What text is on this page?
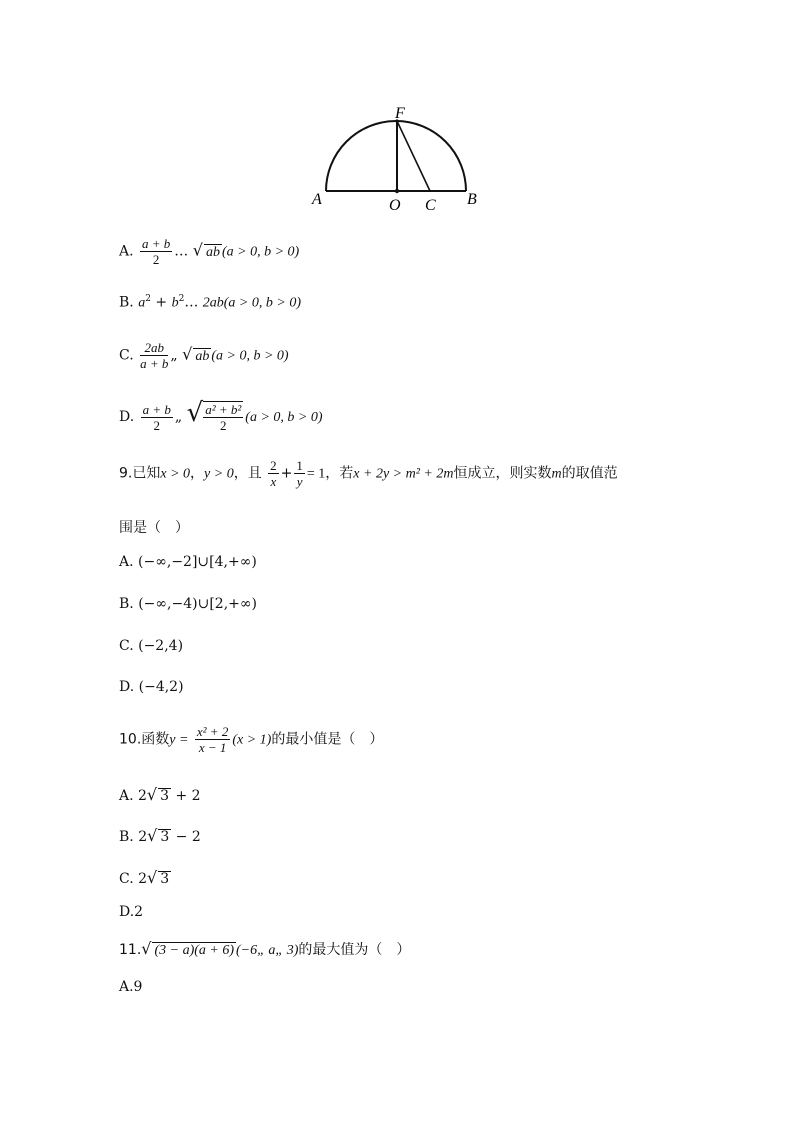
F
A	O C B
A. $\frac{a + b}{2}$ … √ ab (a > 0, b > 0)
B. $a^2$ + $b^2\dots$ 2ab(a > 0, b > 0)
C. $\frac{2ab}{a + b}$ „ √ ab (a > 0, b > 0)
D. $\frac{a + b}{2}$ „ √ $\frac{\text{a² + b²}}{2} (a > 0$, b > 0)
9.已知x > 0，y > 0，且 $\frac{2}{x} + \frac{1}{y} = 1$，若x + 2y > m² + 2m恒成立，则实数m的取值范
围是（　）
A. (−∞,−2]∪[4,+∞)
B. (−∞,−4)∪[2,+∞)
C. (−2,4)
D. (−4,2)
10.函数$y = \frac{\text{x² + 2}}{x - 1} (x > 1)$的最小值是（　）
A. 2√ 3 + 2
B. 2√ 3 − 2
C. 2√ 3
D.2
11.√ (3 − a)(a + 6) (−6„ a„ 3)的最大值为（　）
A.9
